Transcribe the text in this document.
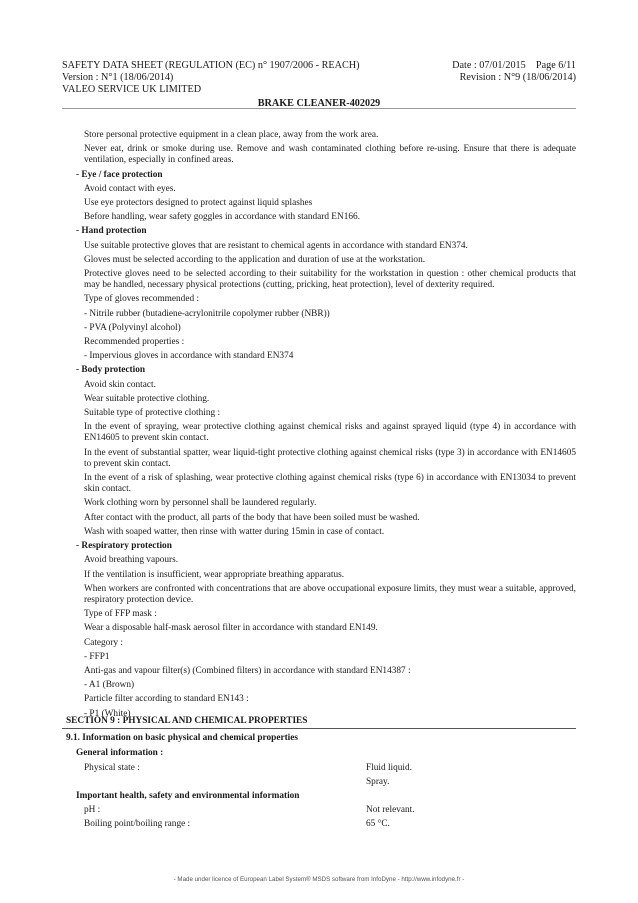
SAFETY DATA SHEET (REGULATION (EC) n° 1907/2006 - REACH)	Date : 07/01/2015    Page 6/11
Version : N°1 (18/06/2014)	Revision : N°9 (18/06/2014)
VALEO SERVICE UK LIMITED
BRAKE CLEANER-402029
Store personal protective equipment in a clean place, away from the work area.
Never eat, drink or smoke during use. Remove and wash contaminated clothing before re-using. Ensure that there is adequate ventilation, especially in confined areas.
- Eye / face protection
Avoid contact with eyes.
Use eye protectors designed to protect against liquid splashes
Before handling, wear safety goggles in accordance with standard EN166.
- Hand protection
Use suitable protective gloves that are resistant to chemical agents in accordance with standard EN374.
Gloves must be selected according to the application and duration of use at the workstation.
Protective gloves need to be selected according to their suitability for the workstation in question : other chemical products that may be handled, necessary physical protections (cutting, pricking, heat protection), level of dexterity required.
Type of gloves recommended :
- Nitrile rubber (butadiene-acrylonitrile copolymer rubber (NBR))
- PVA (Polyvinyl alcohol)
Recommended properties :
- Impervious gloves in accordance with standard EN374
- Body protection
Avoid skin contact.
Wear suitable protective clothing.
Suitable type of protective clothing :
In the event of spraying, wear protective clothing against chemical risks and against sprayed liquid (type 4) in accordance with EN14605 to prevent skin contact.
In the event of substantial spatter, wear liquid-tight protective clothing against chemical risks (type 3) in accordance with EN14605 to prevent skin contact.
In the event of a risk of splashing, wear protective clothing against chemical risks (type 6) in accordance with EN13034 to prevent skin contact.
Work clothing worn by personnel shall be laundered regularly.
After contact with the product, all parts of the body that have been soiled must be washed.
Wash with soaped watter, then rinse with watter during 15min in case of contact.
- Respiratory protection
Avoid breathing vapours.
If the ventilation is insufficient, wear appropriate breathing apparatus.
When workers are confronted with concentrations that are above occupational exposure limits, they must wear a suitable, approved, respiratory protection device.
Type of FFP mask :
Wear a disposable half-mask aerosol filter in accordance with standard EN149.
Category :
- FFP1
Anti-gas and vapour filter(s) (Combined filters) in accordance with standard EN14387 :
- A1 (Brown)
Particle filter according to standard EN143 :
- P1 (White)
SECTION 9 : PHYSICAL AND CHEMICAL PROPERTIES
9.1. Information on basic physical and chemical properties
General information :
Physical state :	Fluid liquid.
Spray.
Important health, safety and environmental information
pH :	Not relevant.
Boiling point/boiling range :	65 °C.
- Made under licence of European Label System® MSDS software from InfoDyne - http://www.infodyne.fr -
